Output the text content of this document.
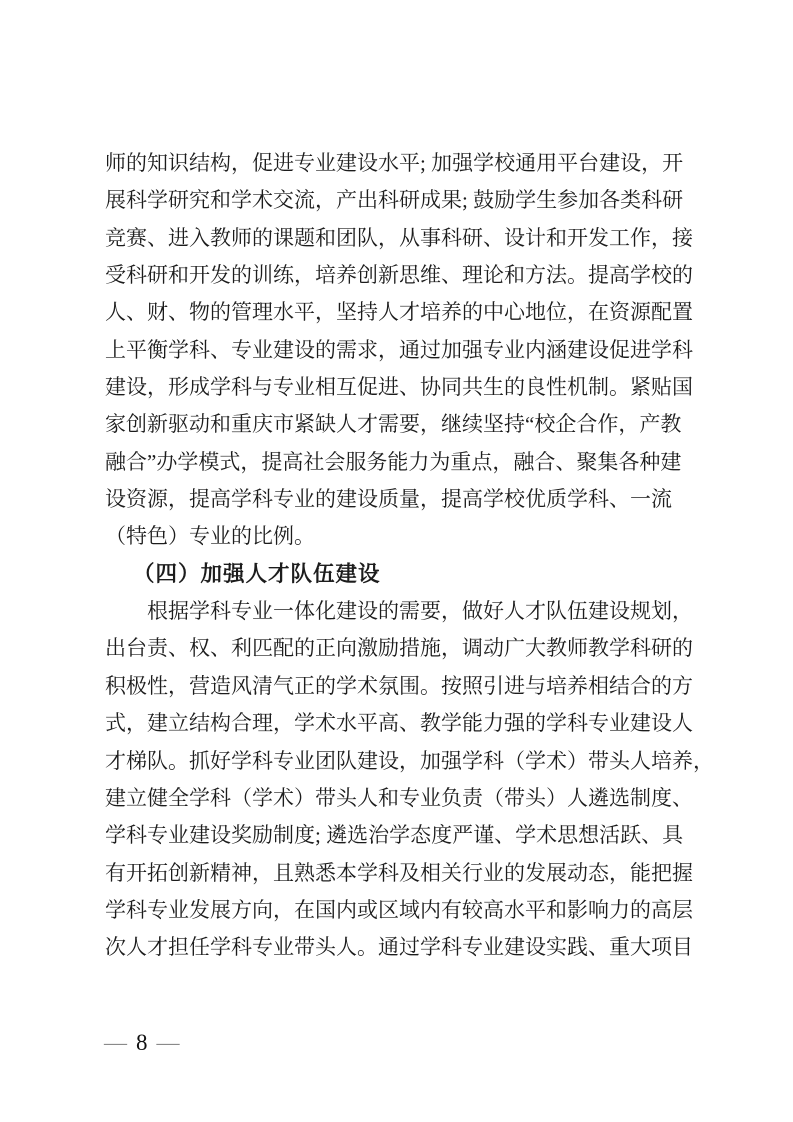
师的知识结构，促进专业建设水平; 加强学校通用平台建设，开
展科学研究和学术交流，产出科研成果; 鼓励学生参加各类科研
竞赛、进入教师的课题和团队，从事科研、设计和开发工作，接
受科研和开发的训练，培养创新思维、理论和方法。提高学校的
人、财、物的管理水平，坚持人才培养的中心地位，在资源配置
上平衡学科、专业建设的需求，通过加强专业内涵建设促进学科
建设，形成学科与专业相互促进、协同共生的良性机制。紧贴国
家创新驱动和重庆市紧缺人才需要，继续坚持“校企合作，产教
融合”办学模式，提高社会服务能力为重点，融合、聚集各种建
设资源，提高学科专业的建设质量，提高学校优质学科、一流
（特色）专业的比例。
（四）加强人才队伍建设
根据学科专业一体化建设的需要，做好人才队伍建设规划，
出台责、权、利匹配的正向激励措施，调动广大教师教学科研的
积极性，营造风清气正的学术氛围。按照引进与培养相结合的方
式，建立结构合理，学术水平高、教学能力强的学科专业建设人
才梯队。抓好学科专业团队建设，加强学科（学术）带头人培养，
建立健全学科（学术）带头人和专业负责（带头）人遴选制度、
学科专业建设奖励制度; 遴选治学态度严谨、学术思想活跃、具
有开拓创新精神，且熟悉本学科及相关行业的发展动态，能把握
学科专业发展方向，在国内或区域内有较高水平和影响力的高层
次人才担任学科专业带头人。通过学科专业建设实践、重大项目
— 8 —
